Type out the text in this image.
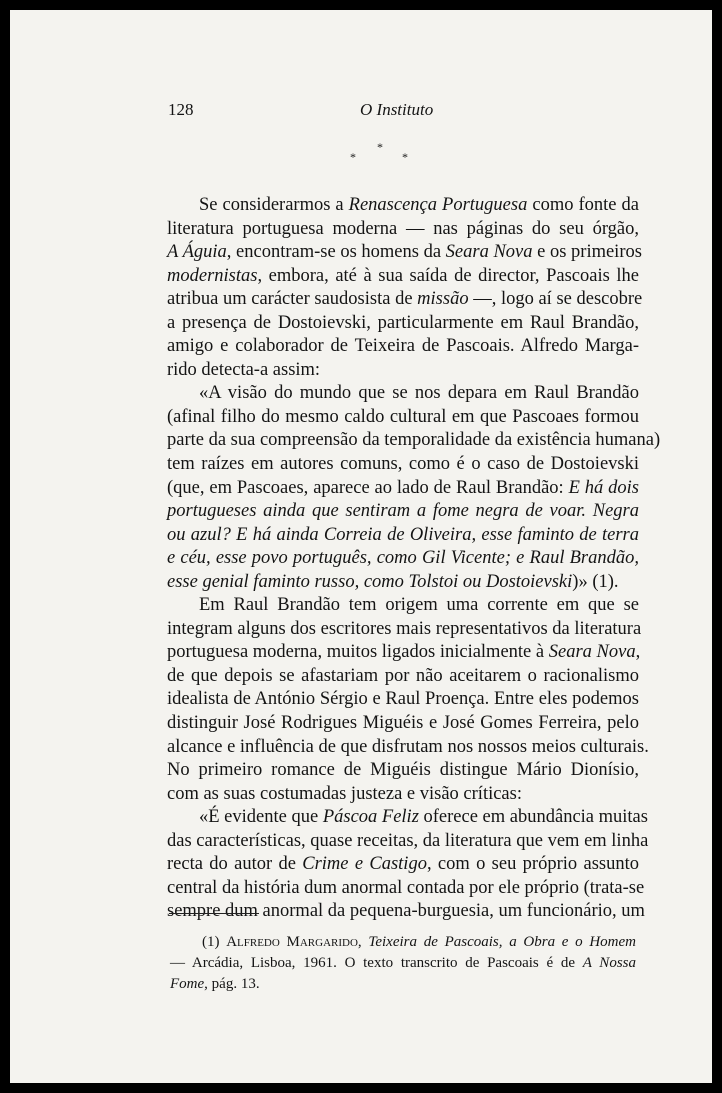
128	O Instituto
*
*	*
Se considerarmos a Renascença Portuguesa como fonte da
literatura portuguesa moderna — nas páginas do seu órgão,
A Águia, encontram-se os homens da Seara Nova e os primeiros
modernistas, embora, até à sua saída de director, Pascoais lhe
atribua um carácter saudosista de missão —, logo aí se descobre
a presença de Dostoievski, particularmente em Raul Brandão,
amigo e colaborador de Teixeira de Pascoais. Alfredo Marga-
rido detecta-a assim:
«A visão do mundo que se nos depara em Raul Brandão
(afinal filho do mesmo caldo cultural em que Pascoaes formou
parte da sua compreensão da temporalidade da existência humana)
tem raízes em autores comuns, como é o caso de Dostoievski
(que, em Pascoaes, aparece ao lado de Raul Brandão: E há dois
portugueses ainda que sentiram a fome negra de voar. Negra
ou azul? E há ainda Correia de Oliveira, esse faminto de terra
e céu, esse povo português, como Gil Vicente; e Raul Brandão,
esse genial faminto russo, como Tolstoi ou Dostoievski)» (1).
Em Raul Brandão tem origem uma corrente em que se
integram alguns dos escritores mais representativos da literatura
portuguesa moderna, muitos ligados inicialmente à Seara Nova,
de que depois se afastariam por não aceitarem o racionalismo
idealista de António Sérgio e Raul Proença. Entre eles podemos
distinguir José Rodrigues Miguéis e José Gomes Ferreira, pelo
alcance e influência de que disfrutam nos nossos meios culturais.
No primeiro romance de Miguéis distingue Mário Dionísio,
com as suas costumadas justeza e visão críticas:
«É evidente que Páscoa Feliz oferece em abundância muitas
das características, quase receitas, da literatura que vem em linha
recta do autor de Crime e Castigo, com o seu próprio assunto
central da história dum anormal contada por ele próprio (trata-se
sempre dum anormal da pequena-burguesia, um funcionário, um
(1) Alfredo Margarido, Teixeira de Pascoais, a Obra e o Homem
— Arcádia, Lisboa, 1961. O texto transcrito de Pascoais é de A Nossa
Fome, pág. 13.
